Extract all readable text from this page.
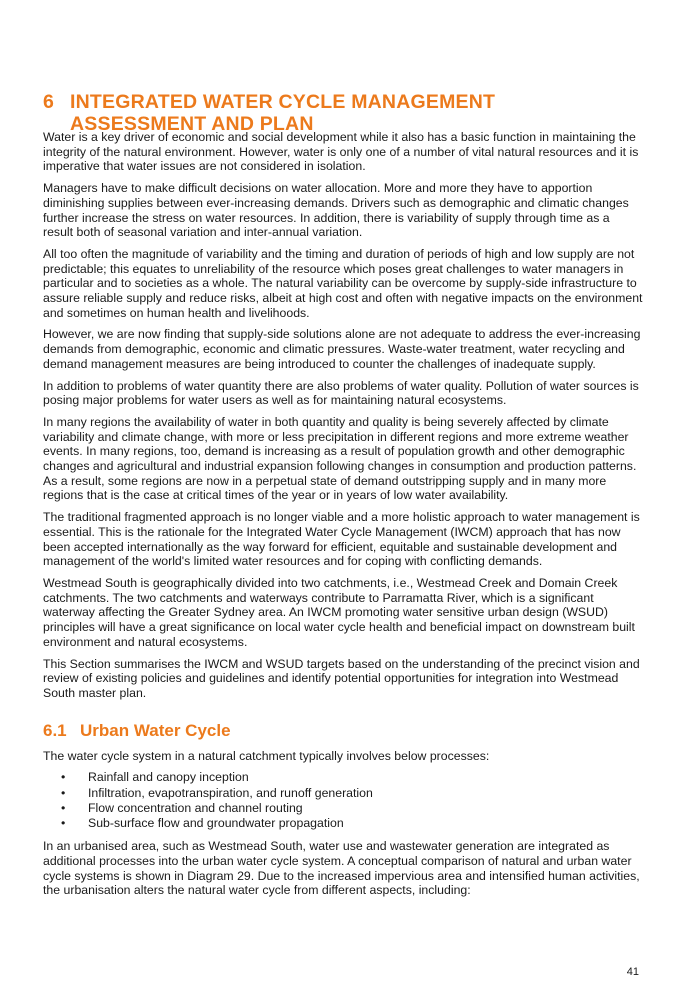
6 INTEGRATED WATER CYCLE MANAGEMENT ASSESSMENT AND PLAN

Water is a key driver of economic and social development while it also has a basic function in maintaining the integrity of the natural environment. However, water is only one of a number of vital natural resources and it is imperative that water issues are not considered in isolation.

Managers have to make difficult decisions on water allocation. More and more they have to apportion diminishing supplies between ever-increasing demands. Drivers such as demographic and climatic changes further increase the stress on water resources. In addition, there is variability of supply through time as a result both of seasonal variation and inter-annual variation.

All too often the magnitude of variability and the timing and duration of periods of high and low supply are not predictable; this equates to unreliability of the resource which poses great challenges to water managers in particular and to societies as a whole. The natural variability can be overcome by supply-side infrastructure to assure reliable supply and reduce risks, albeit at high cost and often with negative impacts on the environment and sometimes on human health and livelihoods.

However, we are now finding that supply-side solutions alone are not adequate to address the ever-increasing demands from demographic, economic and climatic pressures. Waste-water treatment, water recycling and demand management measures are being introduced to counter the challenges of inadequate supply.

In addition to problems of water quantity there are also problems of water quality. Pollution of water sources is posing major problems for water users as well as for maintaining natural ecosystems.

In many regions the availability of water in both quantity and quality is being severely affected by climate variability and climate change, with more or less precipitation in different regions and more extreme weather events. In many regions, too, demand is increasing as a result of population growth and other demographic changes and agricultural and industrial expansion following changes in consumption and production patterns. As a result, some regions are now in a perpetual state of demand outstripping supply and in many more regions that is the case at critical times of the year or in years of low water availability.

The traditional fragmented approach is no longer viable and a more holistic approach to water management is essential. This is the rationale for the Integrated Water Cycle Management (IWCM) approach that has now been accepted internationally as the way forward for efficient, equitable and sustainable development and management of the world's limited water resources and for coping with conflicting demands.

Westmead South is geographically divided into two catchments, i.e., Westmead Creek and Domain Creek catchments. The two catchments and waterways contribute to Parramatta River, which is a significant waterway affecting the Greater Sydney area. An IWCM promoting water sensitive urban design (WSUD) principles will have a great significance on local water cycle health and beneficial impact on downstream built environment and natural ecosystems.

This Section summarises the IWCM and WSUD targets based on the understanding of the precinct vision and review of existing policies and guidelines and identify potential opportunities for integration into Westmead South master plan.

6.1 Urban Water Cycle

The water cycle system in a natural catchment typically involves below processes:

• Rainfall and canopy inception
• Infiltration, evapotranspiration, and runoff generation
• Flow concentration and channel routing
• Sub-surface flow and groundwater propagation

In an urbanised area, such as Westmead South, water use and wastewater generation are integrated as additional processes into the urban water cycle system. A conceptual comparison of natural and urban water cycle systems is shown in Diagram 29. Due to the increased impervious area and intensified human activities, the urbanisation alters the natural water cycle from different aspects, including:

41
